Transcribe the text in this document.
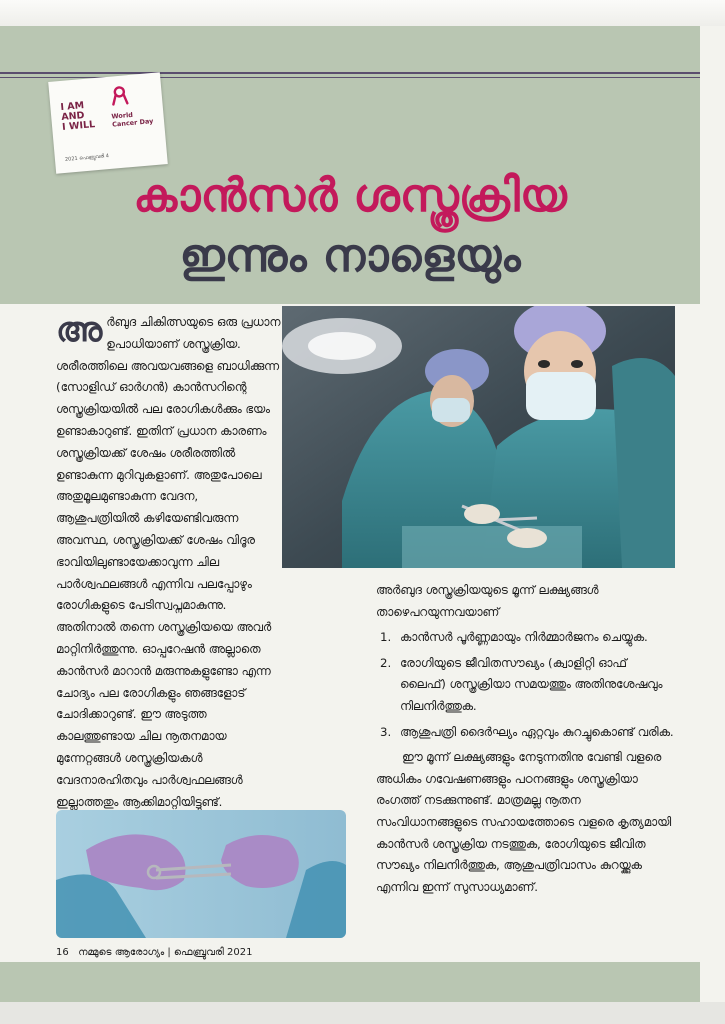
I AM
AND
I WILL
World Cancer Day
2021 ഫെബ്രുവരി 4
കാൻസർ ശസ്ത്രക്രിയ
ഇന്നും നാളെയും
അ ർബുദ ചികിത്സയുടെ ഒരു പ്രധാന ഉപാധിയാണ് ശസ്ത്രക്രിയ. ശരീരത്തിലെ അവയവങ്ങളെ ബാധിക്കുന്ന (സോളിഡ് ഓർഗൻ) കാൻസറിന്റെ ശസ്ത്രക്രിയയിൽ പല രോഗികൾക്കും ഭയം ഉണ്ടാകാറുണ്ട്. ഇതിന് പ്രധാന കാരണം ശസ്ത്രക്രിയക്ക് ശേഷം ശരീരത്തിൽ ഉണ്ടാകുന്ന മുറിവുകളാണ്. അതുപോലെ അതുമൂലമുണ്ടാകുന്ന വേദന, ആശുപത്രിയിൽ കഴിയേണ്ടിവരുന്ന അവസ്ഥ, ശസ്ത്രക്രിയക്ക് ശേഷം വിദൂര ഭാവിയിലുണ്ടായേക്കാവുന്ന ചില പാർശ്വഫലങ്ങൾ എന്നിവ പലപ്പോഴും രോഗികളുടെ പേടിസ്വപ്നമാകുന്നു. അതിനാൽ തന്നെ ശസ്ത്രക്രിയയെ അവർ മാറ്റിനിർത്തുന്നു. ഓപ്പറേഷൻ അല്ലാതെ കാൻസർ മാറാൻ മരുന്നുകളുണ്ടോ എന്ന ചോദ്യം പല രോഗികളും ഞങ്ങളോട് ചോദിക്കാറുണ്ട്. ഈ അടുത്ത കാലത്തുണ്ടായ ചില നൂതനമായ മുന്നേറ്റങ്ങൾ ശസ്ത്രക്രിയകൾ വേദനാരഹിതവും പാർശ്വഫലങ്ങൾ ഇല്ലാത്തതും ആക്കിമാറ്റിയിട്ടുണ്ട്.

അർബുദ ശസ്ത്രക്രിയയുടെ മൂന്ന് ലക്ഷ്യങ്ങൾ താഴെപറയുന്നവയാണ്

1. കാൻസർ പൂർണ്ണമായും നിർമ്മാർജനം ചെയ്യുക.

2. രോഗിയുടെ ജീവിതസൗഖ്യം (ക്വാളിറ്റി ഓഫ് ലൈഫ്) ശസ്ത്രക്രിയാ സമയത്തും അതിനുശേഷവും നിലനിർത്തുക.

3. ആശുപത്രി ദൈർഘ്യം ഏറ്റവും കുറച്ചുകൊണ്ട് വരിക.

ഈ മൂന്ന് ലക്ഷ്യങ്ങളും നേടുന്നതിനു വേണ്ടി വളരെ അധികം ഗവേഷണങ്ങളും പഠനങ്ങളും ശസ്ത്രക്രിയാ രംഗത്ത് നടക്കുന്നുണ്ട്. മാത്രമല്ല നൂതന സംവിധാനങ്ങളുടെ സഹായത്തോടെ വളരെ കൃത്യമായി കാൻസർ ശസ്ത്രക്രിയ നടത്തുക, രോഗിയുടെ ജീവിത സൗഖ്യം നിലനിർത്തുക, ആശുപത്രിവാസം കുറയ്ക്കുക എന്നിവ ഇന്ന് സുസാധ്യമാണ്.

16 നമ്മുടെ ആരോഗ്യം | ഫെബ്രുവരി 2021
